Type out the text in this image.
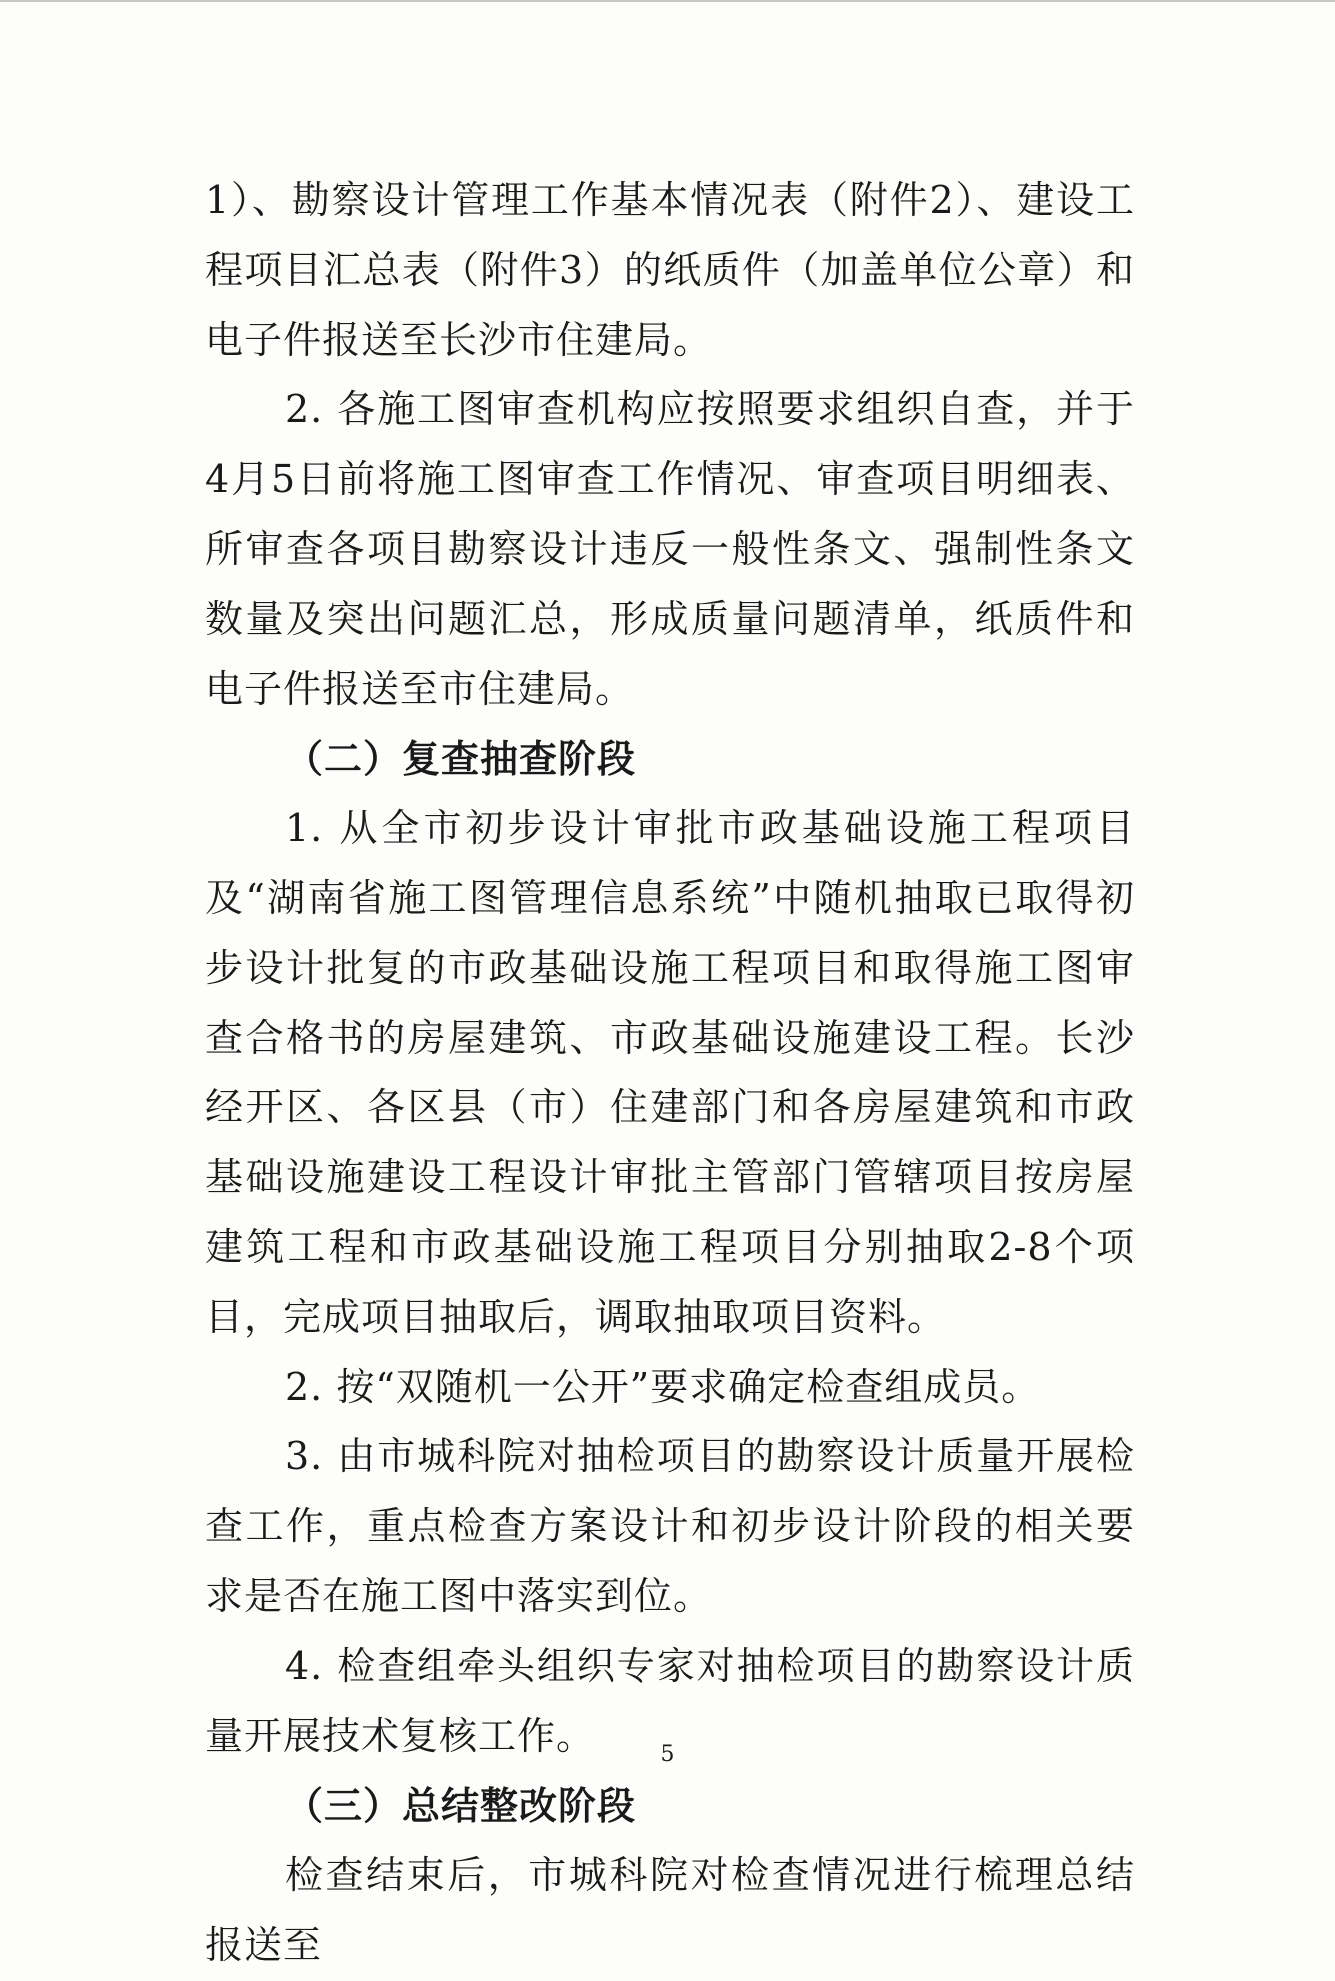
1）、勘察设计管理工作基本情况表（附件2）、建设工程项目汇总表（附件3）的纸质件（加盖单位公章）和电子件报送至长沙市住建局。

2. 各施工图审查机构应按照要求组织自查，并于4月5日前将施工图审查工作情况、审查项目明细表、所审查各项目勘察设计违反一般性条文、强制性条文数量及突出问题汇总，形成质量问题清单，纸质件和电子件报送至市住建局。

（二）复查抽查阶段

1. 从全市初步设计审批市政基础设施工程项目及“湖南省施工图管理信息系统”中随机抽取已取得初步设计批复的市政基础设施工程项目和取得施工图审查合格书的房屋建筑、市政基础设施建设工程。长沙经开区、各区县（市）住建部门和各房屋建筑和市政基础设施建设工程设计审批主管部门管辖项目按房屋建筑工程和市政基础设施工程项目分别抽取2-8个项目，完成项目抽取后，调取抽取项目资料。

2. 按“双随机一公开”要求确定检查组成员。

3. 由市城科院对抽检项目的勘察设计质量开展检查工作，重点检查方案设计和初步设计阶段的相关要求是否在施工图中落实到位。

4. 检查组牵头组织专家对抽检项目的勘察设计质量开展技术复核工作。

（三）总结整改阶段

检查结束后，市城科院对检查情况进行梳理总结报送至

5
